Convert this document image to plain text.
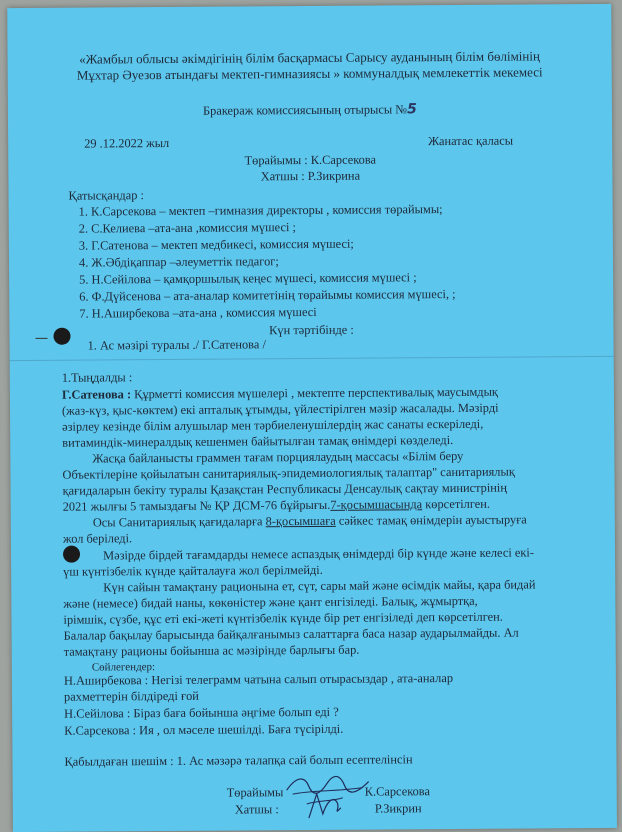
«Жамбыл облысы әкімдігінің білім басқармасы Сарысу ауданының білім бөлімінің
Мұхтар Әуезов атындағы мектеп-гимназиясы » коммуналдық мемлекеттік мекемесі
Бракераж комиссиясының отырысы №5
29 .12.2022 жыл	Жанатас қаласы
Төрайымы : К.Сарсекова
Хатшы : Р.Зикрина
Қатысқандар :
1. К.Сарсекова – мектеп –гимназия директоры , комиссия төрайымы;
2. С.Келиева –ата-ана ,комиссия мүшесі ;
3. Г.Сатенова – мектеп медбикесі, комиссия мүшесі;
4. Ж.Әбдіқаппар –әлеуметтік педагог;
5. Н.Сейілова – қамқоршылық кеңес мүшесі, комиссия мүшесі ;
6. Ф.Дүйсенова – ата-аналар комитетінің төрайымы комиссия мүшесі, ;
7. Н.Аширбекова –ата-ана , комиссия мүшесі
Күн тәртібінде :
1. Ас мәзірі туралы ./ Г.Сатенова /
1.Тыңдалды :
Г.Сатенова : Құрметті комиссия мүшелері , мектепте перспективалық маусымдық
(жаз-күз, қыс-көктем) екі апталық ұтымды, үйлестірілген мәзір жасалады. Мәзірді
әзірлеу кезінде білім алушылар мен тәрбиеленушілердің жас санаты ескеріледі,
витаминдік-минералдық кешенмен байытылған тамақ өнімдері көзделеді.
Жасқа байланысты граммен тағам порциялаудың массасы «Білім беру
Объектілеріне қойылатын санитариялық-эпидемиологиялық талаптар" санитариялық
қағидаларын бекіту туралы Қазақстан Республикасы Денсаулық сақтау министрінің
2021 жылғы 5 тамыздағы № ҚР ДСМ-76 бұйрығы.7-қосымшасында көрсетілген.
Осы Санитариялық қағидаларға 8-қосымшаға сәйкес тамақ өнімдерін ауыстыруға
жол беріледі.
Мәзірде бірдей тағамдарды немесе аспаздық өнімдерді бір күнде және келесі екі-
үш күнтізбелік күнде қайталауға жол берілмейді.
Күн сайын тамақтану рационына ет, сүт, сары май және өсімдік майы, қара бидай
және (немесе) бидай наны, көкөністер және қант енгізіледі. Балық, жұмыртқа,
ірімшік, сүзбе, құс еті екі-жеті күнтізбелік күнде бір рет енгізіледі деп көрсетілген.
Балалар бақылау барысында байқалғанымыз салаттарға баса назар аударылмайды. Ал
тамақтану рационы бойынша ас мәзірінде барлығы бар.
Сөйлегендер:
Н.Аширбекова : Негізі телеграмм чатына салып отырасыздар , ата-аналар
рахметтерін білдіреді ғой
Н.Сейілова : Біраз баға бойынша әңгіме болып еді ?
К.Сарсекова : Ия , ол мәселе шешілді. Баға түсірілді.
Қабылдаған шешім : 1. Ас мәзәрә талапқа сай болып есептелінсін
Төрайымы	К.Сарсекова
Хатшы :	Р.Зикрин
